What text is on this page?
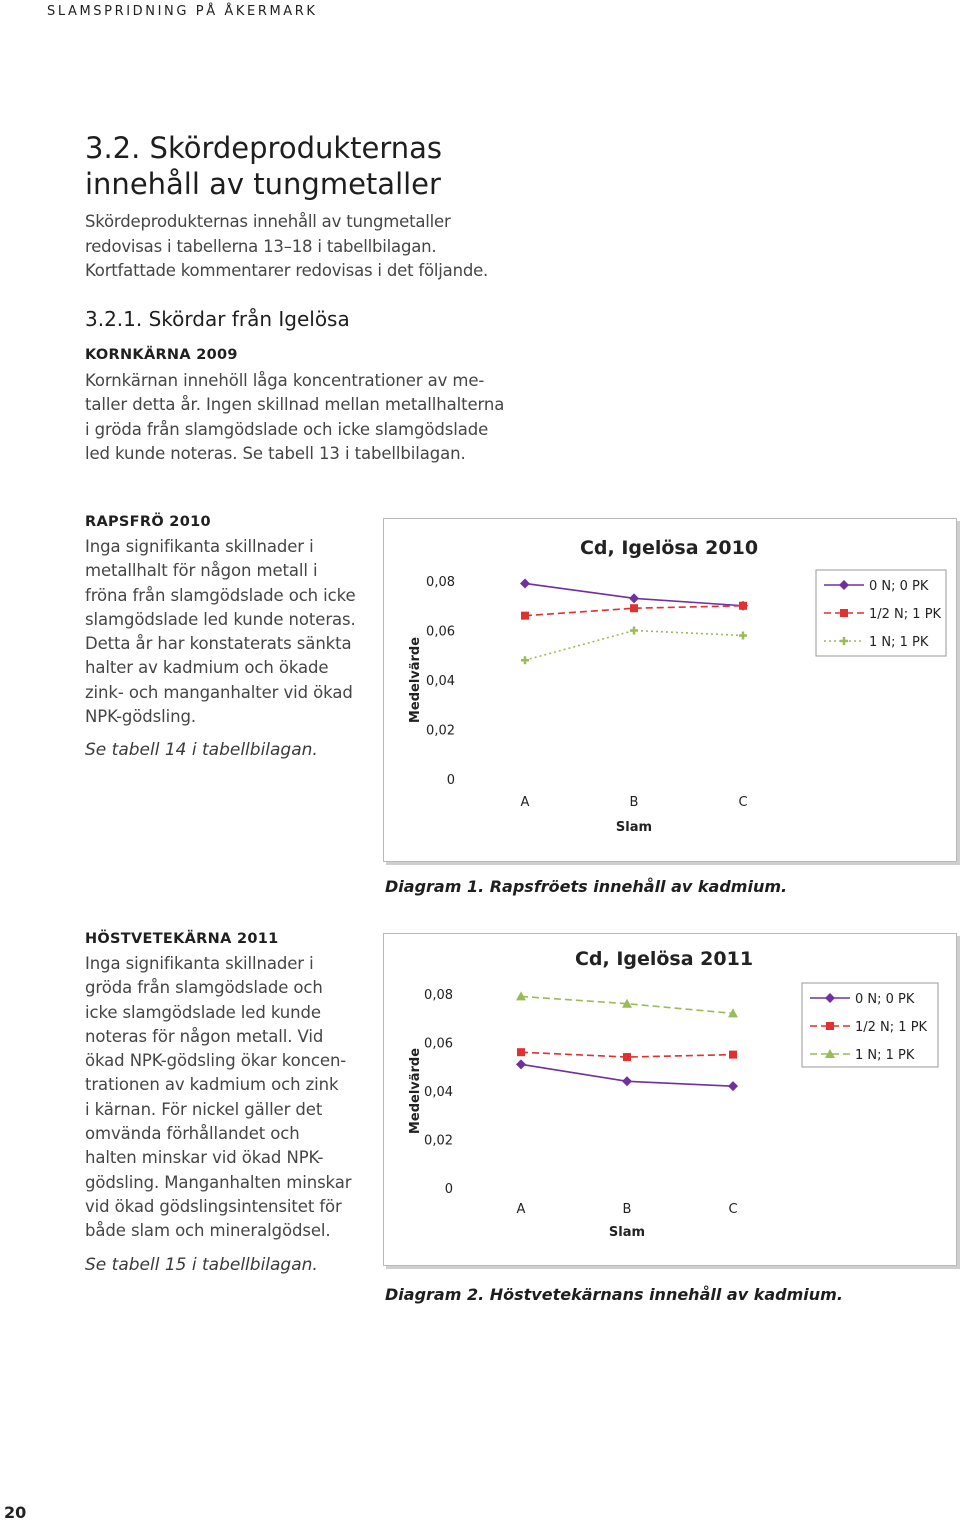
SLAMSPRIDNING PÅ ÅKERMARK
3.2. Skördeprodukternas
innehåll av tungmetaller
Skördeprodukternas innehåll av tungmetaller
redovisas i tabellerna 13–18 i tabellbilagan.
Kortfattade kommentarer redovisas i det följande.
3.2.1. Skördar från Igelösa
KORNKÄRNA 2009
Kornkärnan innehöll låga koncentrationer av me-
taller detta år. Ingen skillnad mellan metallhalterna
i gröda från slamgödslade och icke slamgödslade
led kunde noteras. Se tabell 13 i tabellbilagan.
RAPSFRÖ 2010
Inga signifikanta skillnader i
metallhalt för någon metall i
fröna från slamgödslade och icke
slamgödslade led kunde noteras.
Detta år har konstaterats sänkta
halter av kadmium och ökade
zink- och manganhalter vid ökad
NPK-gödsling.
Se tabell 14 i tabellbilagan.
Cd, Igelösa 2010
0
0,02
0,04
0,06
0,08
Medelvärde
A	B	C
Slam
0 N; 0 PK
1/2 N; 1 PK
1 N; 1 PK
Diagram 1. Rapsfröets innehåll av kadmium.
HÖSTVETEKÄRNA 2011
Inga signifikanta skillnader i
gröda från slamgödslade och
icke slamgödslade led kunde
noteras för någon metall. Vid
ökad NPK-gödsling ökar koncen-
trationen av kadmium och zink
i kärnan. För nickel gäller det
omvända förhållandet och
halten minskar vid ökad NPK-
gödsling. Manganhalten minskar
vid ökad gödslingsintensitet för
både slam och mineralgödsel.
Se tabell 15 i tabellbilagan.
Cd, Igelösa 2011
0
0,02
0,04
0,06
0,08
Medelvärde
A	B	C
Slam
0 N; 0 PK
1/2 N; 1 PK
1 N; 1 PK
Diagram 2. Höstvetekärnans innehåll av kadmium.
20
